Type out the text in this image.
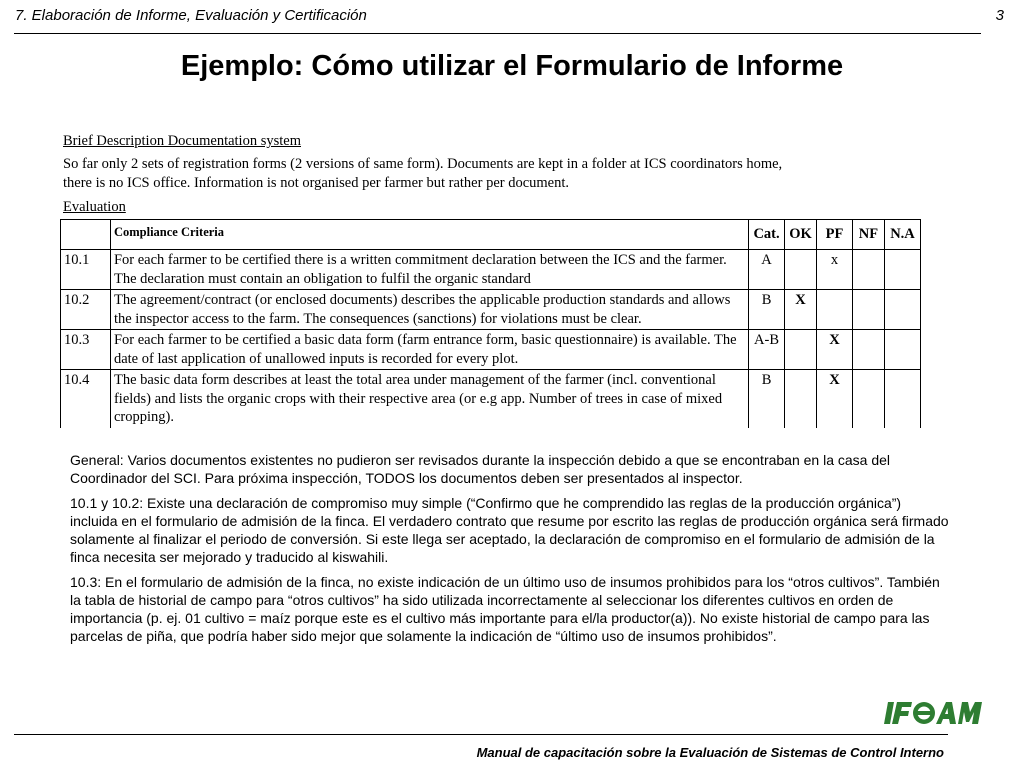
7. Elaboración de Informe, Evaluación y Certificación	3
Ejemplo: Cómo utilizar el Formulario de Informe
Brief Description Documentation system
So far only 2 sets of registration forms (2 versions of same form). Documents are kept in a folder at ICS coordinators home, there is no ICS office. Information is not organised per farmer but rather per document.
Evaluation
	Compliance Criteria	Cat.	OK	PF	NF	N.A
10.1	For each farmer to be certified there is a written commitment declaration between the ICS and the farmer. The declaration must contain an obligation to fulfil the organic standard	A		x		
10.2	The agreement/contract (or enclosed documents) describes the applicable production standards and allows the inspector access to the farm. The consequences (sanctions) for violations must be clear.	B	X			
10.3	For each farmer to be certified a basic data form (farm entrance form, basic questionnaire) is available. The date of last application of unallowed inputs is recorded for every plot.	A-B		X		
10.4	The basic data form describes at least the total area under management of the farmer (incl. conventional fields) and lists the organic crops with their respective area (or e.g app. Number of trees in case of mixed cropping).	B		X		

General: Varios documentos existentes no pudieron ser revisados durante la inspección debido a que se encontraban en la casa del Coordinador del SCI. Para próxima inspección, TODOS los documentos deben ser presentados al inspector.

10.1 y 10.2: Existe una declaración de compromiso muy simple (“Confirmo que he comprendido las reglas de la producción orgánica”) incluida en el formulario de admisión de la finca. El verdadero contrato que resume por escrito las reglas de producción orgánica será firmado solamente al finalizar el periodo de conversión. Si este llega ser aceptado, la declaración de compromiso en el formulario de admisión de la finca necesita ser mejorado y traducido al kiswahili.

10.3: En el formulario de admisión de la finca, no existe indicación de un último uso de insumos prohibidos para los “otros cultivos”. También la tabla de historial de campo para “otros cultivos” ha sido utilizada incorrectamente al seleccionar los diferentes cultivos en orden de importancia (p. ej. 01 cultivo = maíz porque este es el cultivo más importante para el/la productor(a)). No existe historial de campo para las parcelas de piña, que podría haber sido mejor que solamente la indicación de “último uso de insumos prohibidos”.

Manual de capacitación sobre la Evaluación de Sistemas de Control Interno
